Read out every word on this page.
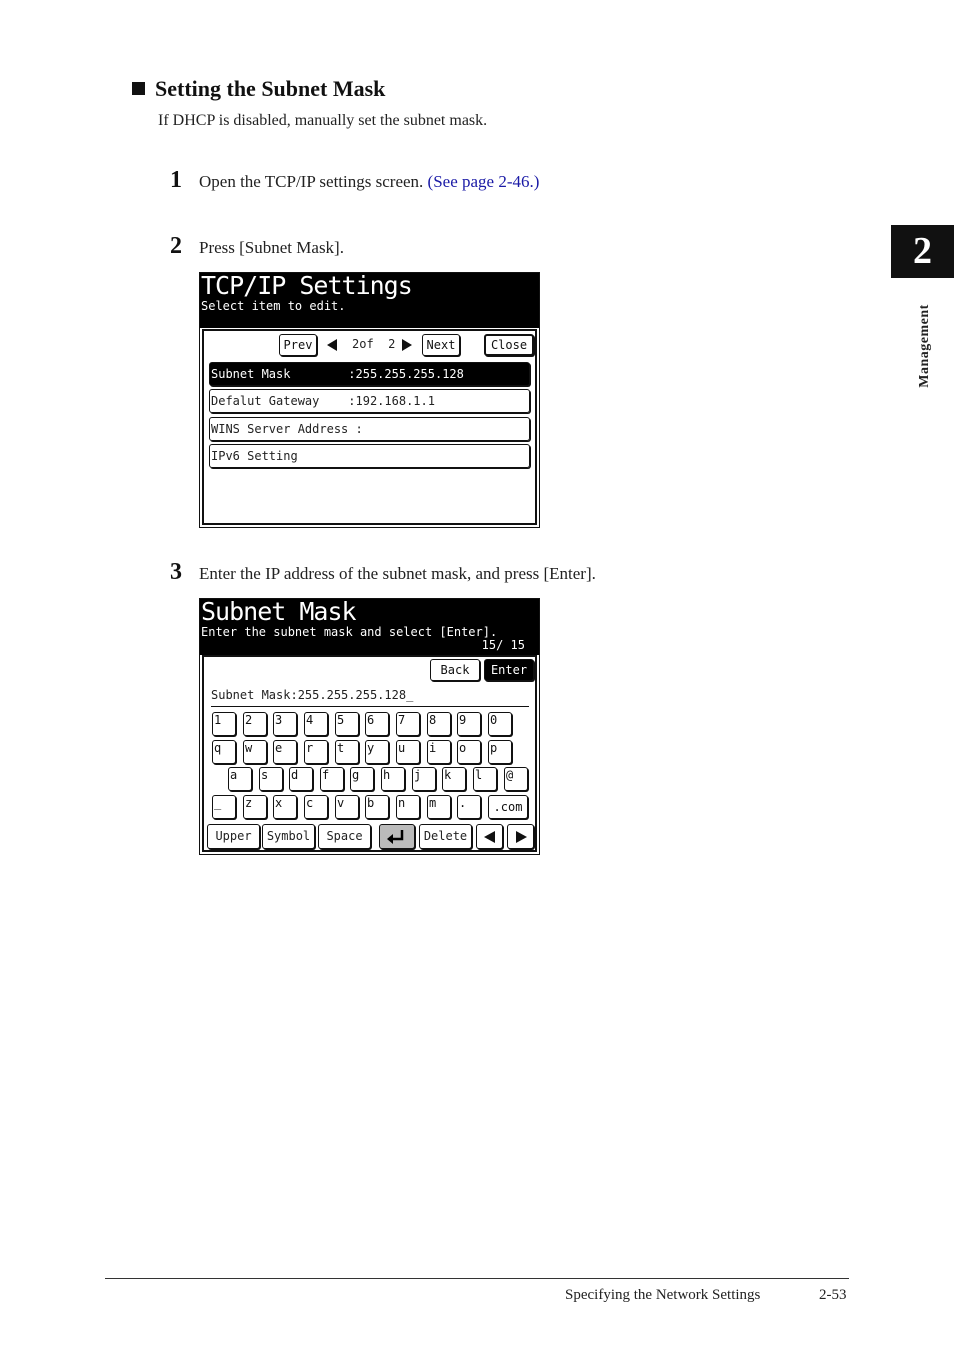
Setting the Subnet Mask
If DHCP is disabled, manually set the subnet mask.
1 Open the TCP/IP settings screen. (See page 2-46.)
2 Press [Subnet Mask].
TCP/IP Settings
Select item to edit.
Prev	2of  2	Next	Close
Subnet Mask        :255.255.255.128
Defalut Gateway    :192.168.1.1
WINS Server Address :
IPv6 Setting
3 Enter the IP address of the subnet mask, and press [Enter].
Subnet Mask
Enter the subnet mask and select [Enter].
15/ 15
Back	Enter
Subnet Mask:255.255.255.128_
1	2	3	4	5	6	7	8	9	0
q	w	e	r	t	y	u	i	o	p
a	s	d	f	g	h	j	k	l	@
_	z	x	c	v	b	n	m	.	.com
Upper	Symbol	Space	Delete
2
Management
Specifying the Network Settings	2-53
